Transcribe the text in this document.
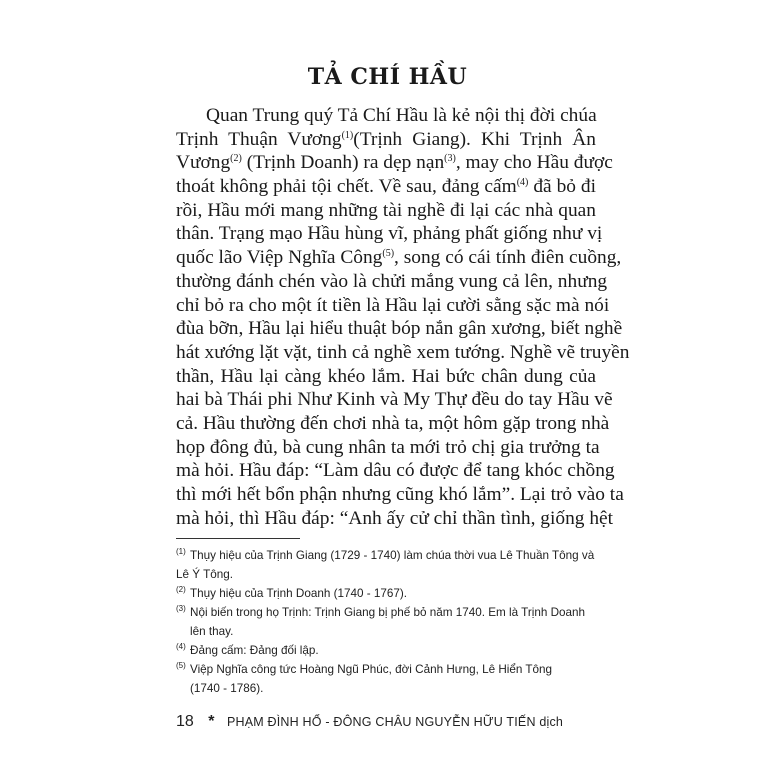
TẢ CHÍ HẦU
Quan Trung quý Tả Chí Hầu là kẻ nội thị đời chúa
Trịnh Thuận Vương$^{(1)}$(Trịnh Giang). Khi Trịnh Ân
Vương$^{(2)}$ (Trịnh Doanh) ra dẹp nạn$^{(3)}$, may cho Hầu được
thoát không phải tội chết. Về sau, đảng cấm$^{(4)}$ đã bỏ đi
rồi, Hầu mới mang những tài nghề đi lại các nhà quan
thân. Trạng mạo Hầu hùng vĩ, phảng phất giống như vị
quốc lão Việp Nghĩa Công$^{(5)}$, song có cái tính điên cuồng,
thường đánh chén vào là chửi mắng vung cả lên, nhưng
chỉ bỏ ra cho một ít tiền là Hầu lại cười sằng sặc mà nói
đùa bỡn, Hầu lại hiểu thuật bóp nắn gân xương, biết nghề
hát xướng lặt vặt, tinh cả nghề xem tướng. Nghề vẽ truyền
thần, Hầu lại càng khéo lắm. Hai bức chân dung của
hai bà Thái phi Như Kinh và My Thự đều do tay Hầu vẽ
cả. Hầu thường đến chơi nhà ta, một hôm gặp trong nhà
họp đông đủ, bà cung nhân ta mới trỏ chị gia trưởng ta
mà hỏi. Hầu đáp: “Làm dâu có được để tang khóc chồng
thì mới hết bổn phận nhưng cũng khó lắm”. Lại trỏ vào ta
mà hỏi, thì Hầu đáp: “Anh ấy cử chỉ thần tình, giống hệt
(1) Thụy hiệu của Trịnh Giang (1729 - 1740) làm chúa thời vua Lê Thuần Tông và
Lê Ý Tông.
(2) Thụy hiệu của Trịnh Doanh (1740 - 1767).
(3) Nội biến trong họ Trịnh: Trịnh Giang bị phế bỏ năm 1740. Em là Trịnh Doanh
lên thay.
(4) Đảng cấm: Đảng đối lập.
(5) Việp Nghĩa công tức Hoàng Ngũ Phúc, đời Cảnh Hưng, Lê Hiển Tông
(1740 - 1786).
18 * PHẠM ĐÌNH HỔ - ĐÔNG CHÂU NGUYỄN HỮU TIẾN dịch
